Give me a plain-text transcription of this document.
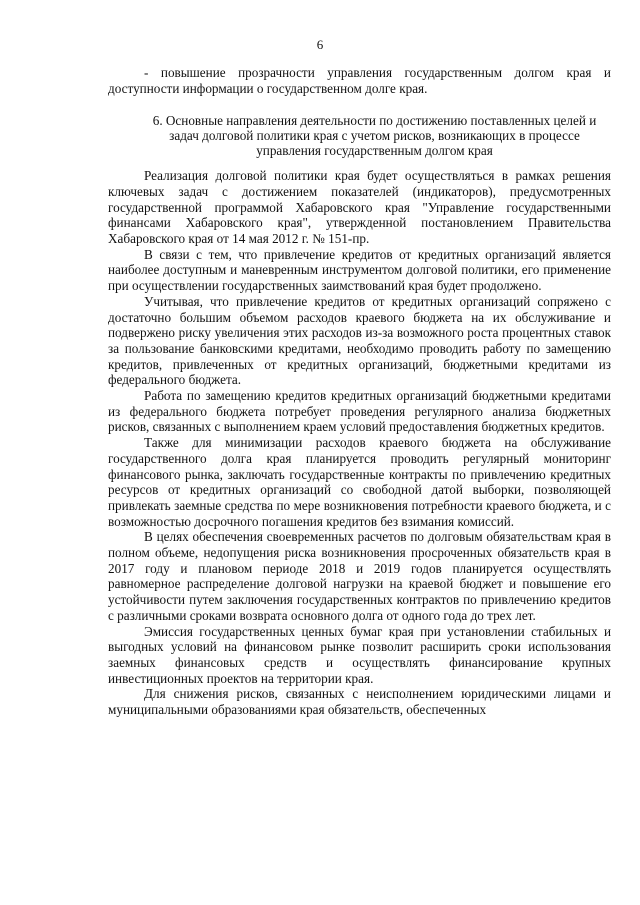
6

- повышение прозрачности управления государственным долгом края и доступности информации о государственном долге края.

6. Основные направления деятельности по достижению поставленных целей и задач долговой политики края с учетом рисков, возникающих в процессе управления государственным долгом края

Реализация долговой политики края будет осуществляться в рамках решения ключевых задач с достижением показателей (индикаторов), предусмотренных государственной программой Хабаровского края "Управление государственными финансами Хабаровского края", утвержденной постановлением Правительства Хабаровского края от 14 мая 2012 г. № 151-пр.

В связи с тем, что привлечение кредитов от кредитных организаций является наиболее доступным и маневренным инструментом долговой политики, его применение при осуществлении государственных заимствований края будет продолжено.

Учитывая, что привлечение кредитов от кредитных организаций сопряжено с достаточно большим объемом расходов краевого бюджета на их обслуживание и подвержено риску увеличения этих расходов из-за возможного роста процентных ставок за пользование банковскими кредитами, необходимо проводить работу по замещению кредитов, привлеченных от кредитных организаций, бюджетными кредитами из федерального бюджета.

Работа по замещению кредитов кредитных организаций бюджетными кредитами из федерального бюджета потребует проведения регулярного анализа бюджетных рисков, связанных с выполнением краем условий предоставления бюджетных кредитов.

Также для минимизации расходов краевого бюджета на обслуживание государственного долга края планируется проводить регулярный мониторинг финансового рынка, заключать государственные контракты по привлечению кредитных ресурсов от кредитных организаций со свободной датой выборки, позволяющей привлекать заемные средства по мере возникновения потребности краевого бюджета, и с возможностью досрочного погашения кредитов без взимания комиссий.

В целях обеспечения своевременных расчетов по долговым обязательствам края в полном объеме, недопущения риска возникновения просроченных обязательств края в 2017 году и плановом периоде 2018 и 2019 годов планируется осуществлять равномерное распределение долговой нагрузки на краевой бюджет и повышение его устойчивости путем заключения государственных контрактов по привлечению кредитов с различными сроками возврата основного долга от одного года до трех лет.

Эмиссия государственных ценных бумаг края при установлении стабильных и выгодных условий на финансовом рынке позволит расширить сроки использования заемных финансовых средств и осуществлять финансирование крупных инвестиционных проектов на территории края.

Для снижения рисков, связанных с неисполнением юридическими лицами и муниципальными образованиями края обязательств, обеспеченных
